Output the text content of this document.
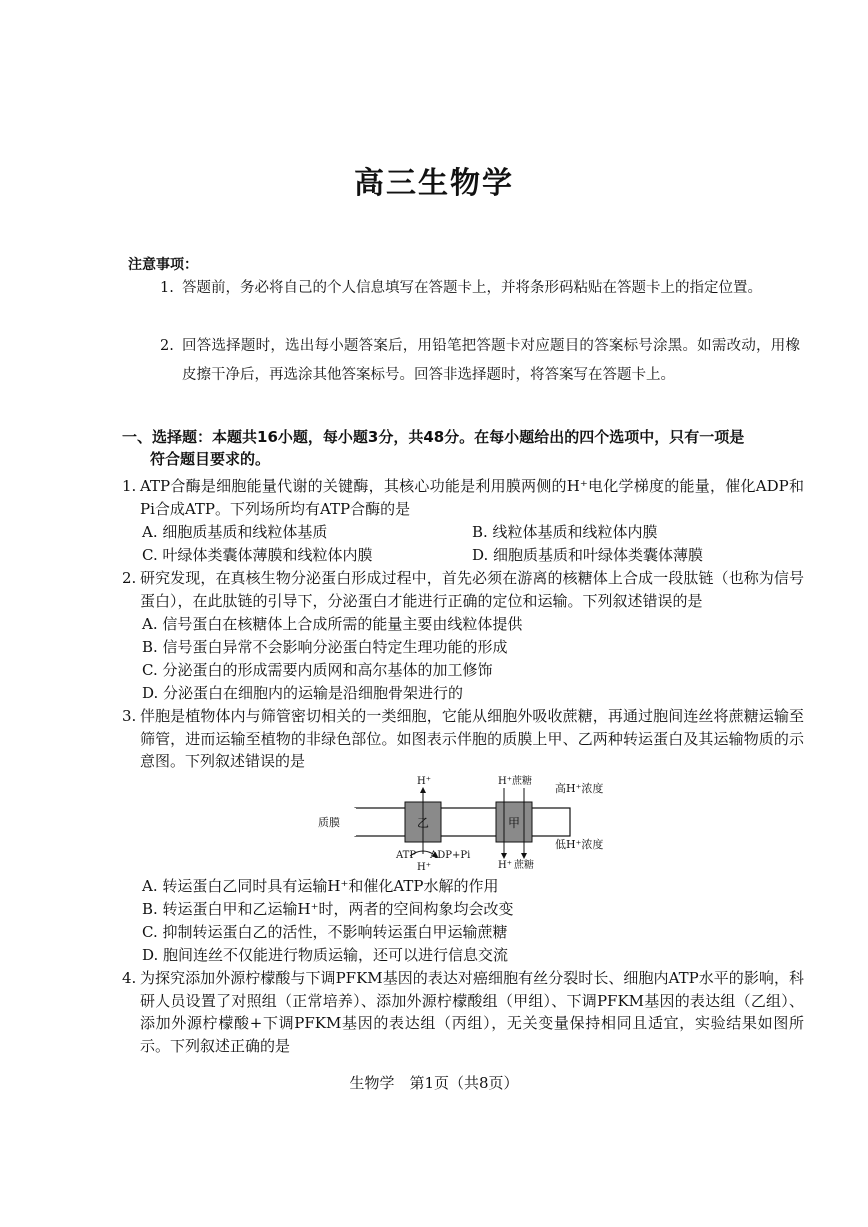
高三生物学
注意事项：
1. 答题前，务必将自己的个人信息填写在答题卡上，并将条形码粘贴在答题卡上的指定位置。
2. 回答选择题时，选出每小题答案后，用铅笔把答题卡对应题目的答案标号涂黑。如需改动，用橡皮擦干净后，再选涂其他答案标号。回答非选择题时，将答案写在答题卡上。
一、选择题：本题共16小题，每小题3分，共48分。在每小题给出的四个选项中，只有一项是
符合题目要求的。
1. ATP合酶是细胞能量代谢的关键酶，其核心功能是利用膜两侧的H⁺电化学梯度的能量，催化ADP和Pi合成ATP。下列场所均有ATP合酶的是
A. 细胞质基质和线粒体基质	B. 线粒体基质和线粒体内膜
C. 叶绿体类囊体薄膜和线粒体内膜	D. 细胞质基质和叶绿体类囊体薄膜
2. 研究发现，在真核生物分泌蛋白形成过程中，首先必须在游离的核糖体上合成一段肽链（也称为信号蛋白），在此肽链的引导下，分泌蛋白才能进行正确的定位和运输。下列叙述错误的是
A. 信号蛋白在核糖体上合成所需的能量主要由线粒体提供
B. 信号蛋白异常不会影响分泌蛋白特定生理功能的形成
C. 分泌蛋白的形成需要内质网和高尔基体的加工修饰
D. 分泌蛋白在细胞内的运输是沿细胞骨架进行的
3. 伴胞是植物体内与筛管密切相关的一类细胞，它能从细胞外吸收蔗糖，再通过胞间连丝将蔗糖运输至筛管，进而运输至植物的非绿色部位。如图表示伴胞的质膜上甲、乙两种转运蛋白及其运输物质的示意图。下列叙述错误的是
质膜	乙	甲
H⁺
ATP ADP+Pi
H⁺
H⁺蔗糖
H⁺ 蔗糖
高H⁺浓度
低H⁺浓度
A. 转运蛋白乙同时具有运输H⁺和催化ATP水解的作用
B. 转运蛋白甲和乙运输H⁺时，两者的空间构象均会改变
C. 抑制转运蛋白乙的活性，不影响转运蛋白甲运输蔗糖
D. 胞间连丝不仅能进行物质运输，还可以进行信息交流
4. 为探究添加外源柠檬酸与下调PFKM基因的表达对癌细胞有丝分裂时长、细胞内ATP水平的影响，科研人员设置了对照组（正常培养）、添加外源柠檬酸组（甲组）、下调PFKM基因的表达组（乙组）、添加外源柠檬酸+下调PFKM基因的表达组（丙组），无关变量保持相同且适宜，实验结果如图所示。下列叙述正确的是
生物学　第1页（共8页）
